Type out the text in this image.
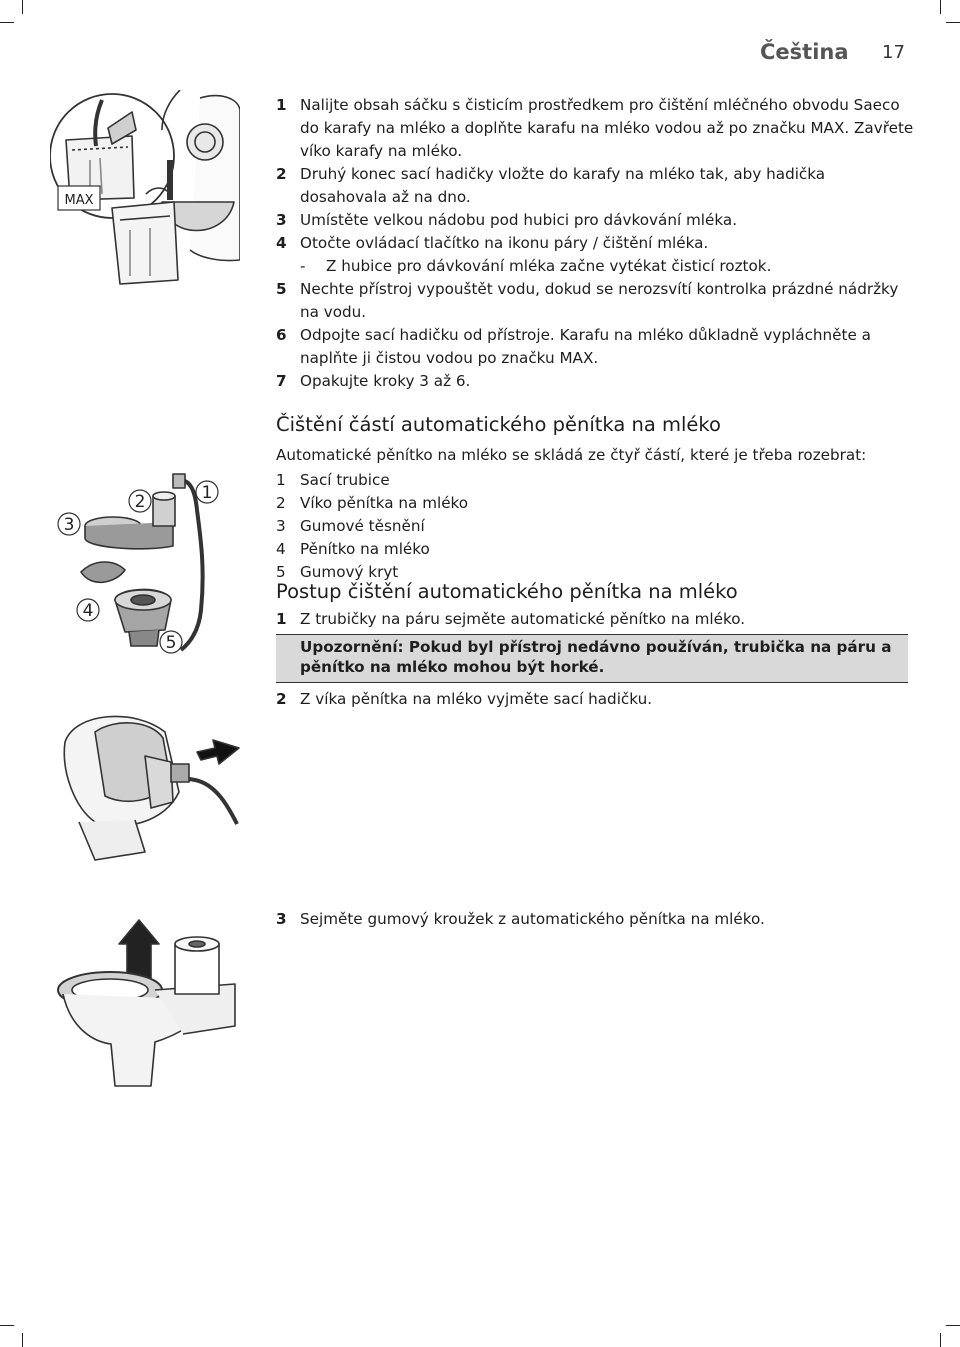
Čeština 17
1 Nalijte obsah sáčku s čisticím prostředkem pro čištění mléčného obvodu Saeco do karafy na mléko a doplňte karafu na mléko vodou až po značku MAX. Zavřete víko karafy na mléko.
2 Druhý konec sací hadičky vložte do karafy na mléko tak, aby hadička dosahovala až na dno.
3 Umístěte velkou nádobu pod hubici pro dávkování mléka.
4 Otočte ovládací tlačítko na ikonu páry / čištění mléka.
- Z hubice pro dávkování mléka začne vytékat čisticí roztok.
5 Nechte přístroj vypouštět vodu, dokud se nerozsvítí kontrolka prázdné nádržky na vodu.
6 Odpojte sací hadičku od přístroje. Karafu na mléko důkladně vypláchněte a naplňte ji čistou vodou po značku MAX.
7 Opakujte kroky 3 až 6.
Čištění částí automatického pěnítka na mléko
Automatické pěnítko na mléko se skládá ze čtyř částí, které je třeba rozebrat:
1 Sací trubice
2 Víko pěnítka na mléko
3 Gumové těsnění
4 Pěnítko na mléko
5 Gumový kryt
Postup čištění automatického pěnítka na mléko
1 Z trubičky na páru sejměte automatické pěnítko na mléko.
Upozornění: Pokud byl přístroj nedávno používán, trubička na páru a pěnítko na mléko mohou být horké.
2 Z víka pěnítka na mléko vyjměte sací hadičku.
3 Sejměte gumový kroužek z automatického pěnítka na mléko.
MAX
1
2
3
4
5
